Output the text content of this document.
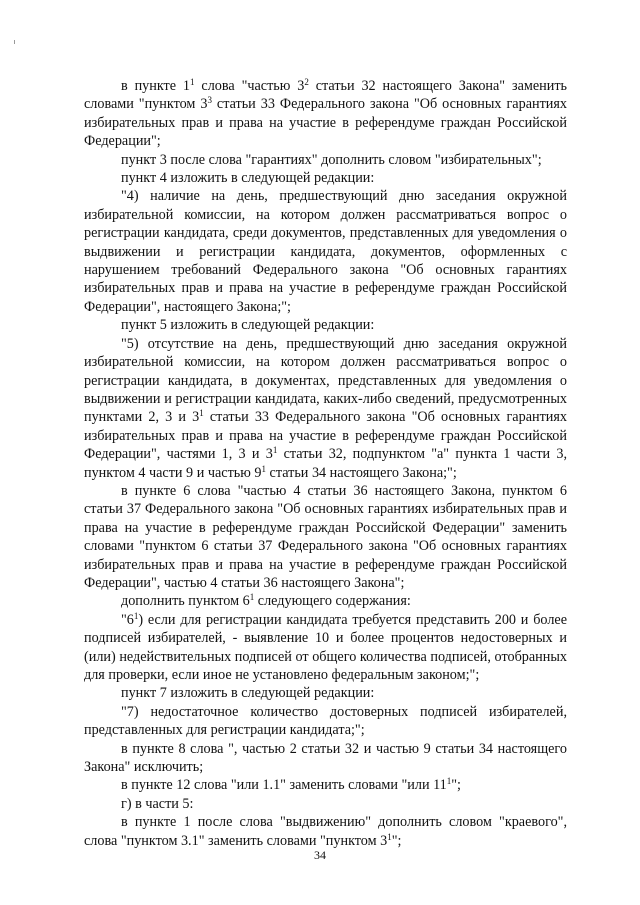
в пункте $1^1$ слова "частью $3^2$ статьи 32 настоящего Закона" заменить словами "пунктом $3^3$ статьи 33 Федерального закона "Об основных гарантиях избирательных прав и права на участие в референдуме граждан Российской Федерации";

пункт 3 после слова "гарантиях" дополнить словом "избирательных";

пункт 4 изложить в следующей редакции:

"4) наличие на день, предшествующий дню заседания окружной избирательной комиссии, на котором должен рассматриваться вопрос о регистрации кандидата, среди документов, представленных для уведомления о выдвижении и регистрации кандидата, документов, оформленных с нарушением требований Федерального закона "Об основных гарантиях избирательных прав и права на участие в референдуме граждан Российской Федерации", настоящего Закона;";

пункт 5 изложить в следующей редакции:

"5) отсутствие на день, предшествующий дню заседания окружной избирательной комиссии, на котором должен рассматриваться вопрос о регистрации кандидата, в документах, представленных для уведомления о выдвижении и регистрации кандидата, каких-либо сведений, предусмотренных пунктами 2, 3 и $3^1$ статьи 33 Федерального закона "Об основных гарантиях избирательных прав и права на участие в референдуме граждан Российской Федерации", частями 1, 3 и $3^1$ статьи 32, подпунктом "а" пункта 1 части 3, пунктом 4 части 9 и частью $9^1$ статьи 34 настоящего Закона;";

в пункте 6 слова "частью 4 статьи 36 настоящего Закона, пунктом 6 статьи 37 Федерального закона "Об основных гарантиях избирательных прав и права на участие в референдуме граждан Российской Федерации" заменить словами "пунктом 6 статьи 37 Федерального закона "Об основных гарантиях избирательных прав и права на участие в референдуме граждан Российской Федерации", частью 4 статьи 36 настоящего Закона";

дополнить пунктом $6^1$ следующего содержания:

"$6^1$) если для регистрации кандидата требуется представить 200 и более подписей избирателей, - выявление 10 и более процентов недостоверных и (или) недействительных подписей от общего количества подписей, отобранных для проверки, если иное не установлено федеральным законом;";

пункт 7 изложить в следующей редакции:

"7) недостаточное количество достоверных подписей избирателей, представленных для регистрации кандидата;";

в пункте 8 слова ", частью 2 статьи 32 и частью 9 статьи 34 настоящего Закона" исключить;

в пункте 12 слова "или 1.1" заменить словами "или $11^1$";

г) в части 5:

в пункте 1 после слова "выдвижению" дополнить словом "краевого", слова "пунктом 3.1" заменить словами "пунктом $3^1$";

34
